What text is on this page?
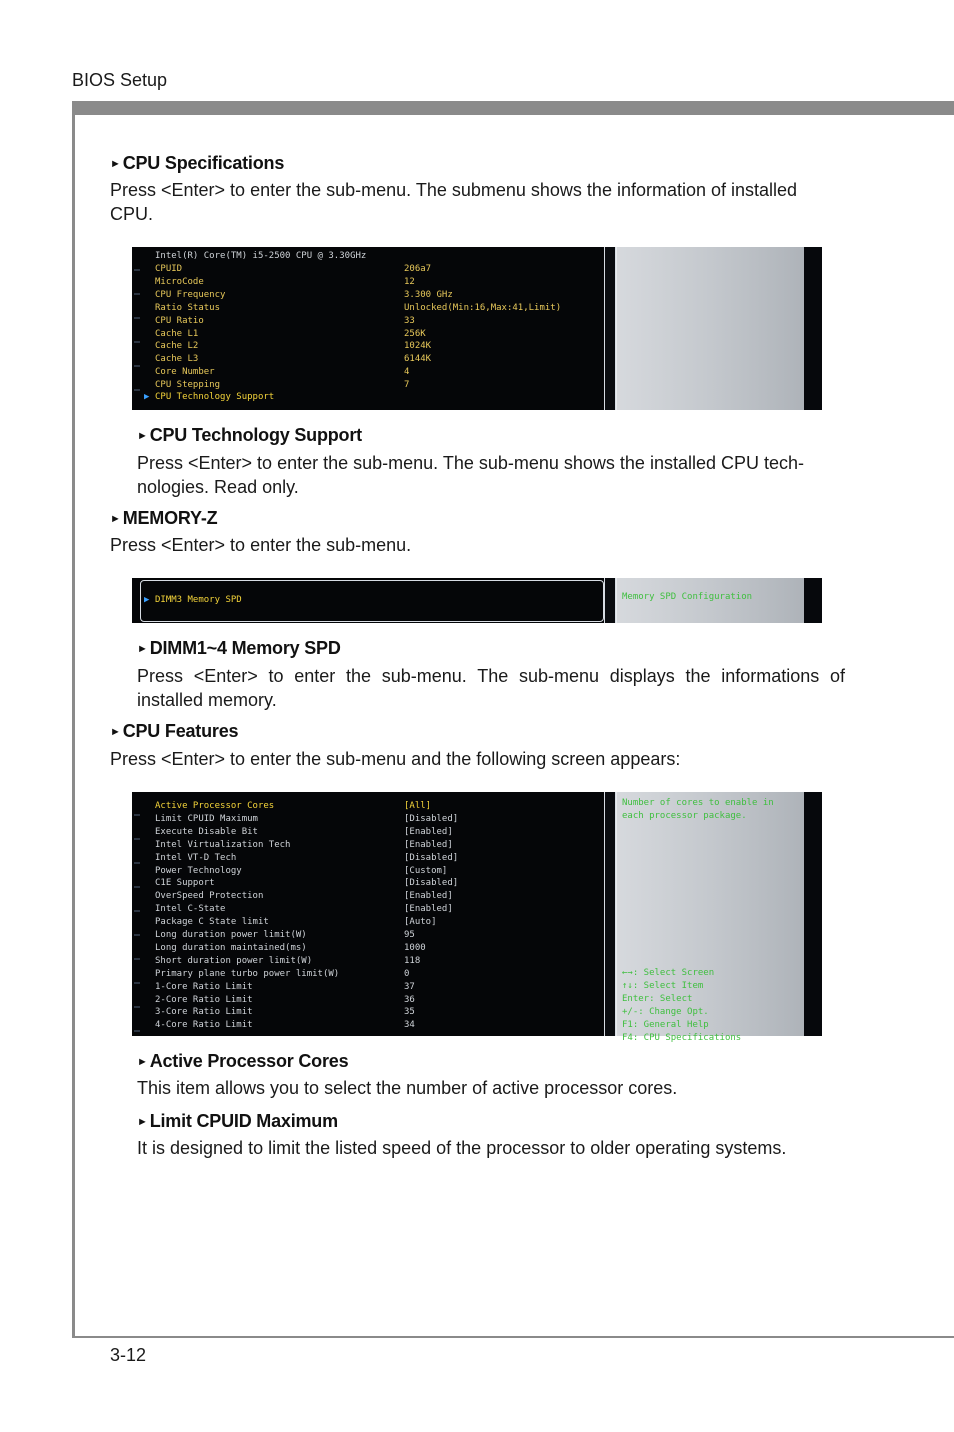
BIOS Setup
3-12
► CPU Specifications
Press <Enter> to enter the sub-menu. The submenu shows the information of installed
CPU.
Intel(R) Core(TM) i5-2500 CPU @ 3.30GHz
CPUID	206a7
MicroCode	12
CPU Frequency	3.300 GHz
Ratio Status	Unlocked(Min:16,Max:41,Limit)
CPU Ratio	33
Cache L1	256K
Cache L2	1024K
Cache L3	6144K
Core Number	4
CPU Stepping	7
▶ CPU Technology Support
► CPU Technology Support
Press <Enter> to enter the sub-menu. The sub-menu shows the installed CPU tech-
nologies. Read only.
► MEMORY-Z
Press <Enter> to enter the sub-menu.
▶ DIMM3 Memory SPD	Memory SPD Configuration
► DIMM1~4 Memory SPD
Press <Enter> to enter the sub-menu. The sub-menu displays the informations of
installed memory.
► CPU Features
Press <Enter> to enter the sub-menu and the following screen appears:
Active Processor Cores	[All]
Limit CPUID Maximum	[Disabled]
Execute Disable Bit	[Enabled]
Intel Virtualization Tech	[Enabled]
Intel VT-D Tech	[Disabled]
Power Technology	[Custom]
C1E Support	[Disabled]
OverSpeed Protection	[Enabled]
Intel C-State	[Enabled]
Package C State limit	[Auto]
Long duration power limit(W)	95
Long duration maintained(ms)	1000
Short duration power limit(W)	118
Primary plane turbo power limit(W)	0
1-Core Ratio Limit	37
2-Core Ratio Limit	36
3-Core Ratio Limit	35
4-Core Ratio Limit	34
Number of cores to enable in
each processor package.
←→: Select Screen
↑↓: Select Item
Enter: Select
+/-: Change Opt.
F1: General Help
F4: CPU Specifications
► Active Processor Cores
This item allows you to select the number of active processor cores.
► Limit CPUID Maximum
It is designed to limit the listed speed of the processor to older operating systems.
